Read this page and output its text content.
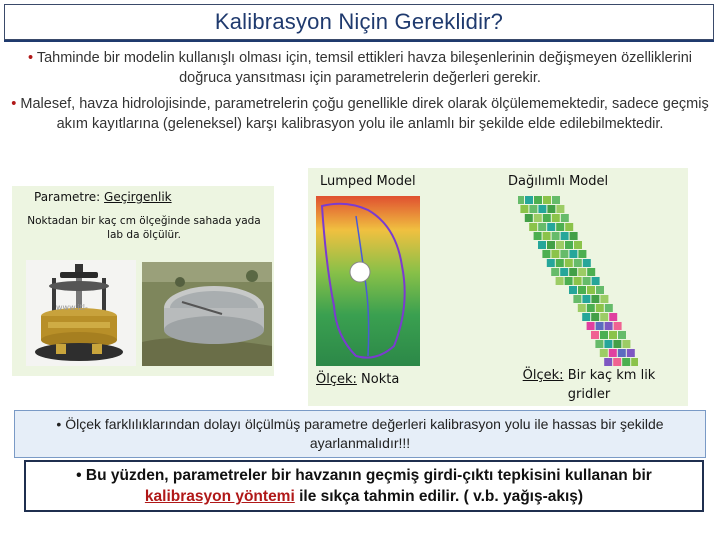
Kalibrasyon Niçin Gereklidir?
• Tahminde bir modelin kullanışlı olması için, temsil ettikleri havza bileşenlerinin değişmeyen özelliklerini doğruca yansıtması için parametrelerin değerleri gerekir.
• Malesef, havza hidrolojisinde, parametrelerin çoğu genellikle direk olarak ölçülememektedir, sadece geçmiş akım kayıtlarına (geleneksel) karşı kalibrasyon yolu ile anlamlı bir şekilde elde edilebilmektedir.
Parametre: Geçirgenlik
Noktadan bir kaç cm ölçeğinde sahada yada lab da ölçülür.
www.itl-
Lumped Model	Dağılımlı Model
Ölçek: Nokta	Ölçek: Bir kaç km lik gridler
• Ölçek farklılıklarından dolayı ölçülmüş parametre değerleri kalibrasyon yolu ile hassas bir şekilde ayarlanmalıdır!!!
• Bu yüzden, parametreler bir havzanın geçmiş girdi-çıktı tepkisini kullanan bir kalibrasyon yöntemi ile sıkça tahmin edilir. ( v.b. yağış-akış)
